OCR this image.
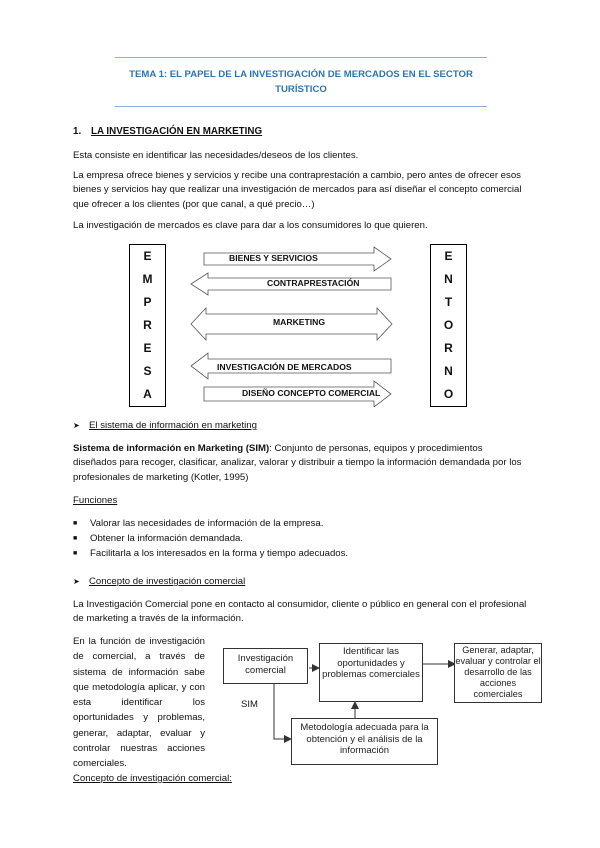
TEMA 1: EL PAPEL DE LA INVESTIGACIÓN DE MERCADOS EN EL SECTOR TURÍSTICO
1. LA INVESTIGACIÓN EN MARKETING
Esta consiste en identificar las necesidades/deseos de los clientes.
La empresa ofrece bienes y servicios y recibe una contraprestación a cambio, pero antes de ofrecer esos bienes y servicios hay que realizar una investigación de mercados para así diseñar el concepto comercial que ofrecer a los clientes (por que canal, a qué precio…)
La investigación de mercados es clave para dar a los consumidores lo que quieren.
E
M
P
R
E
S
A
E
N
T
O
R
N
O
BIENES Y SERVICIOS
CONTRAPRESTACIÓN
MARKETING
INVESTIGACIÓN DE MERCADOS
DISEÑO CONCEPTO COMERCIAL
➤ El sistema de información en marketing
Sistema de información en Marketing (SIM): Conjunto de personas, equipos y procedimientos diseñados para recoger, clasificar, analizar, valorar y distribuir a tiempo la información demandada por los profesionales de marketing (Kotler, 1995)
Funciones
■ Valorar las necesidades de información de la empresa.
■ Obtener la información demandada.
■ Facilitarla a los interesados en la forma y tiempo adecuados.
➤ Concepto de investigación comercial
La Investigación Comercial pone en contacto al consumidor, cliente o público en general con el profesional de marketing a través de la información.
En la función de investigación de comercial, a través de sistema de información sabe que metodología aplicar, y con esta identificar los oportunidades y problemas, generar, adaptar, evaluar y controlar nuestras acciones comerciales.
Investigación comercial
Identificar las oportunidades y problemas comerciales
Generar, adaptar, evaluar y controlar el desarrollo de las acciones comerciales
Metodología adecuada para la obtención y el análisis de la información
SIM
Concepto de investigación comercial:
